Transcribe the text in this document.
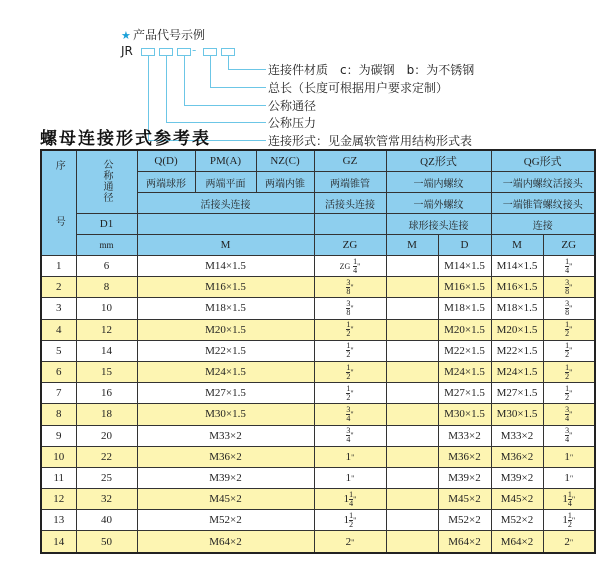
★ 产品代号示例
JR	-
连接件材质　c：为碳钢　b：为不锈钢
总长（长度可根据用户要求定制）
公称通径
公称压力
连接形式：见金属软管常用结构形式表
螺母连接形式参考表
序　号	公称通径	Q(D)	PM(A)	NZ(C)	GZ	QZ形式		QG形式	
		两端球形	两端平面	两端内锥	两端锥管	一端内螺纹		一端内螺纹活接头	
		活接头连接			活接头连接	一端外螺纹		一端锥管螺纹接头	
	D1					球形接头连接		连接	
	mm	M			ZG	M	D	M	ZG
1	6	M14×1.5			ZG $\frac{1}{4}$ "		M14×1.5	M14×1.5	$\frac{1}{4}$ "
2	8	M16×1.5			$\frac{3}{8}$ "		M16×1.5	M16×1.5	$\frac{3}{8}$ "
3	10	M18×1.5			$\frac{3}{8}$ "		M18×1.5	M18×1.5	$\frac{3}{8}$ "
4	12	M20×1.5			$\frac{1}{2}$ "		M20×1.5	M20×1.5	$\frac{1}{2}$ "
5	14	M22×1.5			$\frac{1}{2}$ "		M22×1.5	M22×1.5	$\frac{1}{2}$ "
6	15	M24×1.5			$\frac{1}{2}$ "		M24×1.5	M24×1.5	$\frac{1}{2}$ "
7	16	M27×1.5			$\frac{1}{2}$ "		M27×1.5	M27×1.5	$\frac{1}{2}$ "
8	18	M30×1.5			$\frac{3}{4}$ "		M30×1.5	M30×1.5	$\frac{3}{4}$ "
9	20	M33×2			$\frac{3}{4}$ "		M33×2	M33×2	$\frac{3}{4}$ "
10	22	M36×2			1"		M36×2	M36×2	1"
11	25	M39×2			1"		M39×2	M39×2	1"
12	32	M45×2			$1 \frac{1}{4}$ "		M45×2	M45×2	$1 \frac{1}{4}$ "
13	40	M52×2			$1 \frac{1}{2}$ "		M52×2	M52×2	$1 \frac{1}{2}$ "
14	50	M64×2			2"		M64×2	M64×2	2"
